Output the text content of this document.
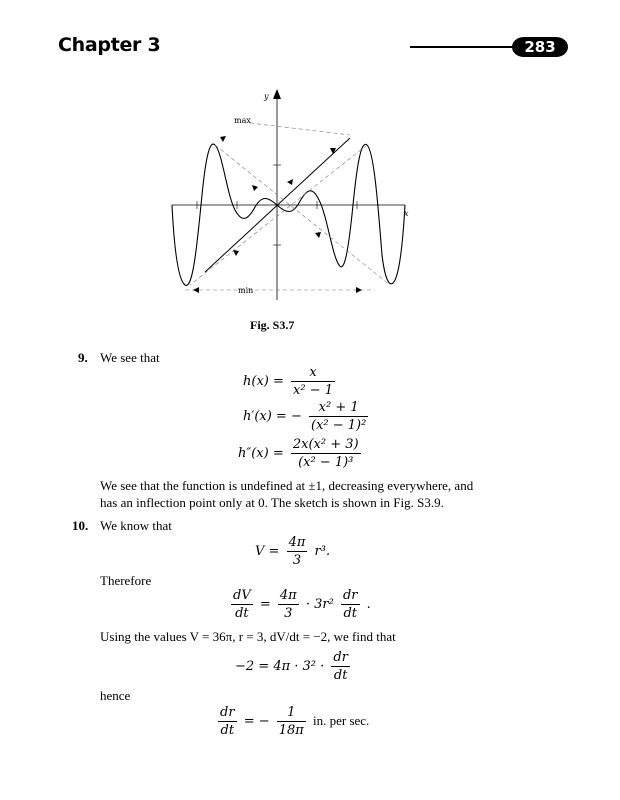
Chapter 3	283
y
x
max
min
Fig. S3.7
9. We see that
$h(x) = \frac{x}{\text{x² − 1}}$
h′(x) = − $\frac{\text{x² + 1}}{\text{(x² − 1)²}}$
$h''(x) = \frac{\text{2x(x² + 3)}}{\text{(x² − 1)³}}$
We see that the function is undefined at ±1, decreasing everywhere, and
has an inflection point only at 0. The sketch is shown in Fig. S3.9.
10. We know that
$V = \frac{4\pi}{3} r^3$.
Therefore
$\frac{dV}{dt} = \frac{4\pi}{3} \cdot 3r^2 \frac{dr}{dt}$ .
Using the values V = 36π, r = 3, dV/dt = −2, we find that
$-2 = 4\pi \cdot 3^2 \cdot \frac{dr}{dt}$
hence
$\frac{dr}{dt}$ = − $\frac{1}{18\pi}$ in. per sec.
